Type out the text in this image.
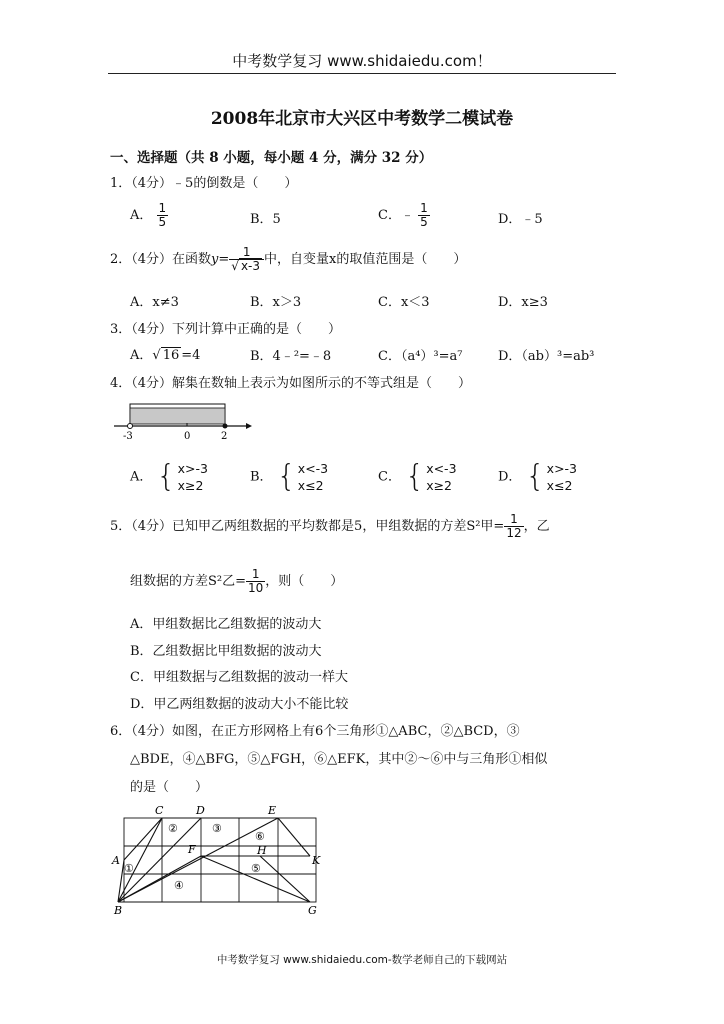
中考数学复习 www.shidaiedu.com！
2008年北京市大兴区中考数学二模试卷
一、选择题（共 8 小题，每小题 4 分，满分 32 分）
1．（4分）﹣5的倒数是（　　）
A． $\frac{1}{5}$	B．5	C．﹣ $\frac{1}{5}$	D．﹣5
2．（4分）在函数$y= \frac{1}{√ x-3}$ 中，自变量x的取值范围是（　　）
A．x≠3	B．x＞3	C．x＜3	D．x≥3
3．（4分）下列计算中正确的是（　　）
A．√ 16 =4	B．4﹣²=﹣8	C．（a⁴）³=a⁷	D．（ab）³=ab³
4．（4分）解集在数轴上表示为如图所示的不等式组是（　　）
-3	0	2
A． { x>-3
x≥2
B． { x<-3
x≤2
C． { x<-3
x≥2
D． { x>-3
x≤2
5．（4分）已知甲乙两组数据的平均数都是5，甲组数据的方差S²甲= $\frac{1}{12}$ ，乙
组数据的方差S²乙= $\frac{1}{10}$ ，则（　　）
A．甲组数据比乙组数据的波动大
B．乙组数据比甲组数据的波动大
C．甲组数据与乙组数据的波动一样大
D．甲乙两组数据的波动大小不能比较
6．（4分）如图，在正方形网格上有6个三角形①△ABC，②△BCD，③
△BDE，④△BFG，⑤△FGH，⑥△EFK，其中②～⑥中与三角形①相似
的是（　　）
C	D	E
A
F	H
K
B	G
②	③
⑥
①	⑤
④
中考数学复习 www.shidaiedu.com-数学老师自己的下载网站
